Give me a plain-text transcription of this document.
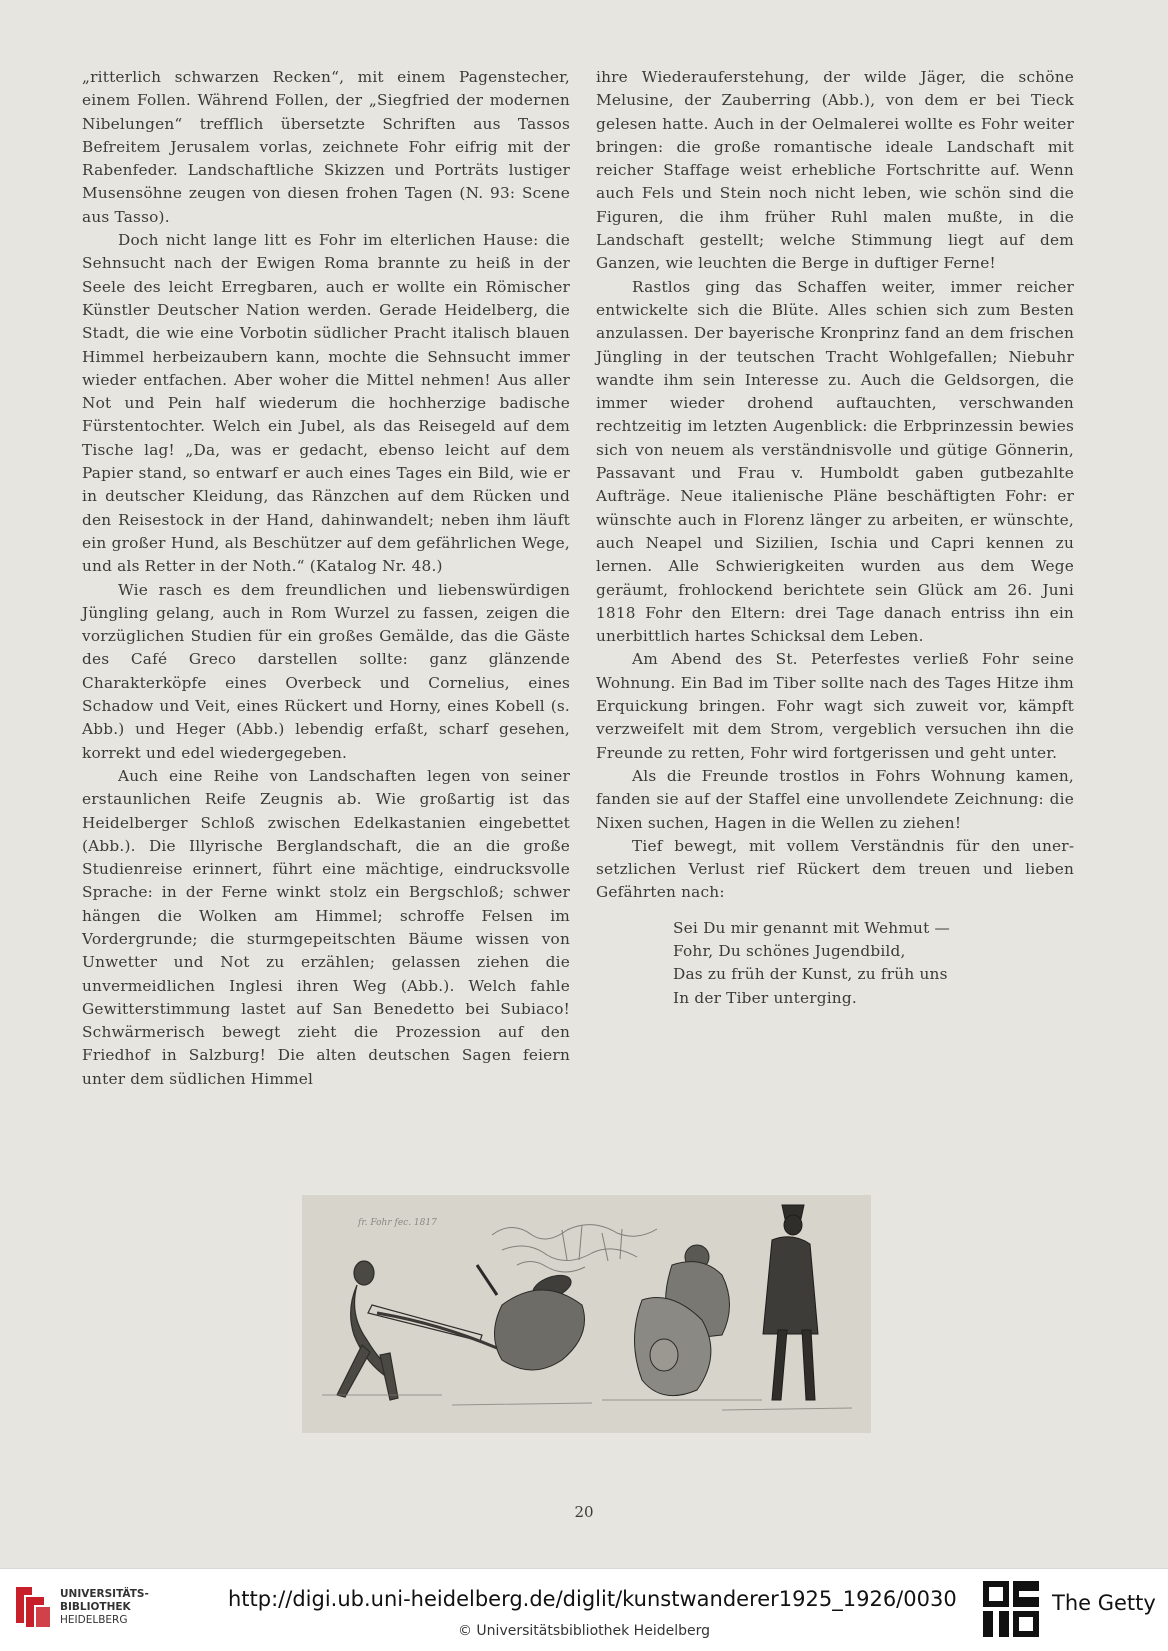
„ritterlich schwarzen Recken“, mit einem Pagenstecher, einem Follen. Während Follen, der „Siegfried der modernen Nibelungen“ trefflich übersetzte Schriften aus Tassos Befreitem Jerusalem vorlas, zeichnete Fohr eifrig mit der Rabenfeder. Landschaftliche Skizzen und Porträts lustiger Musensöhne zeugen von diesen frohen Tagen (N. 93: Scene aus Tasso).

Doch nicht lange litt es Fohr im elterlichen Hause: die Sehnsucht nach der Ewigen Roma brannte zu heiß in der Seele des leicht Erregbaren, auch er wollte ein Römischer Künstler Deutscher Nation werden. Gerade Heidelberg, die Stadt, die wie eine Vorbotin südlicher Pracht italisch blauen Himmel herbeizaubern kann, mochte die Sehnsucht immer wieder entfachen. Aber woher die Mittel nehmen! Aus aller Not und Pein half wiederum die hochherzige badische Fürstentochter. Welch ein Jubel, als das Reisegeld auf dem Tische lag! „Da, was er gedacht, ebenso leicht auf dem Papier stand, so entwarf er auch eines Tages ein Bild, wie er in deutscher Kleidung, das Ränzchen auf dem Rücken und den Reisestock in der Hand, dahinwandelt; neben ihm läuft ein großer Hund, als Beschützer auf dem gefährlichen Wege, und als Retter in der Noth.“ (Katalog Nr. 48.)

Wie rasch es dem freundlichen und liebenswürdigen Jüngling gelang, auch in Rom Wurzel zu fassen, zeigen die vorzüglichen Studien für ein großes Gemälde, das die Gäste des Café Greco darstellen sollte: ganz glänzende Charakterköpfe eines Overbeck und Cornelius, eines Schadow und Veit, eines Rückert und Horny, eines Kobell (s. Abb.) und Heger (Abb.) lebendig erfaßt, scharf gesehen, korrekt und edel wiedergegeben.

Auch eine Reihe von Landschaften legen von seiner erstaunlichen Reife Zeugnis ab. Wie großartig ist das Heidelberger Schloß zwischen Edelkastanien eingebettet (Abb.). Die Illyrische Berglandschaft, die an die große Studienreise erinnert, führt eine mächtige, eindrucksvolle Sprache: in der Ferne winkt stolz ein Bergschloß; schwer hängen die Wolken am Himmel; schroffe Felsen im Vordergrunde; die sturmgepeitschten Bäume wissen von Unwetter und Not zu erzählen; gelassen ziehen die unvermeidlichen Inglesi ihren Weg (Abb.). Welch fahle Gewitterstimmung lastet auf San Benedetto bei Subiaco! Schwärmerisch bewegt zieht die Prozession auf den Friedhof in Salzburg! Die alten deutschen Sagen feiern unter dem südlichen Himmel

ihre Wiederauferstehung, der wilde Jäger, die schöne Melusine, der Zauberring (Abb.), von dem er bei Tieck gelesen hatte. Auch in der Oelmalerei wollte es Fohr weiter bringen: die große romantische ideale Landschaft mit reicher Staffage weist erhebliche Fortschritte auf. Wenn auch Fels und Stein noch nicht leben, wie schön sind die Figuren, die ihm früher Ruhl malen mußte, in die Landschaft gestellt; welche Stimmung liegt auf dem Ganzen, wie leuchten die Berge in duftiger Ferne!

Rastlos ging das Schaffen weiter, immer reicher entwickelte sich die Blüte. Alles schien sich zum Besten anzulassen. Der bayerische Kronprinz fand an dem frischen Jüngling in der teutschen Tracht Wohlgefallen; Niebuhr wandte ihm sein Interesse zu. Auch die Geldsorgen, die immer wieder drohend auftauchten, verschwanden rechtzeitig im letzten Augenblick: die Erbprinzessin bewies sich von neuem als verständnisvolle und gütige Gönnerin, Passavant und Frau v. Humboldt gaben gutbezahlte Aufträge. Neue italienische Pläne beschäftigten Fohr: er wünschte auch in Florenz länger zu arbeiten, er wünschte, auch Neapel und Sizilien, Ischia und Capri kennen zu lernen. Alle Schwierigkeiten wurden aus dem Wege geräumt, frohlockend berichtete sein Glück am 26. Juni 1818 Fohr den Eltern: drei Tage danach entriss ihn ein unerbittlich hartes Schicksal dem Leben.

Am Abend des St. Peterfestes verließ Fohr seine Wohnung. Ein Bad im Tiber sollte nach des Tages Hitze ihm Erquickung bringen. Fohr wagt sich zuweit vor, kämpft verzweifelt mit dem Strom, vergeblich versuchen ihn die Freunde zu retten, Fohr wird fortgerissen und geht unter.

Als die Freunde trostlos in Fohrs Wohnung kamen, fanden sie auf der Staffel eine unvollendete Zeichnung: die Nixen suchen, Hagen in die Wellen zu ziehen!

Tief bewegt, mit vollem Verständnis für den unersetzlichen Verlust rief Rückert dem treuen und lieben Gefährten nach:

Sei Du mir genannt mit Wehmut —
Fohr, Du schönes Jugendbild,
Das zu früh der Kunst, zu früh uns
In der Tiber unterging.
fr. Fohr fec. 1817
20
UNIVERSITÄTS-
BIBLIOTHEK
HEIDELBERG
http://digi.ub.uni-heidelberg.de/diglit/kunstwanderer1925_1926/0030
© Universitätsbibliothek Heidelberg
The Getty
